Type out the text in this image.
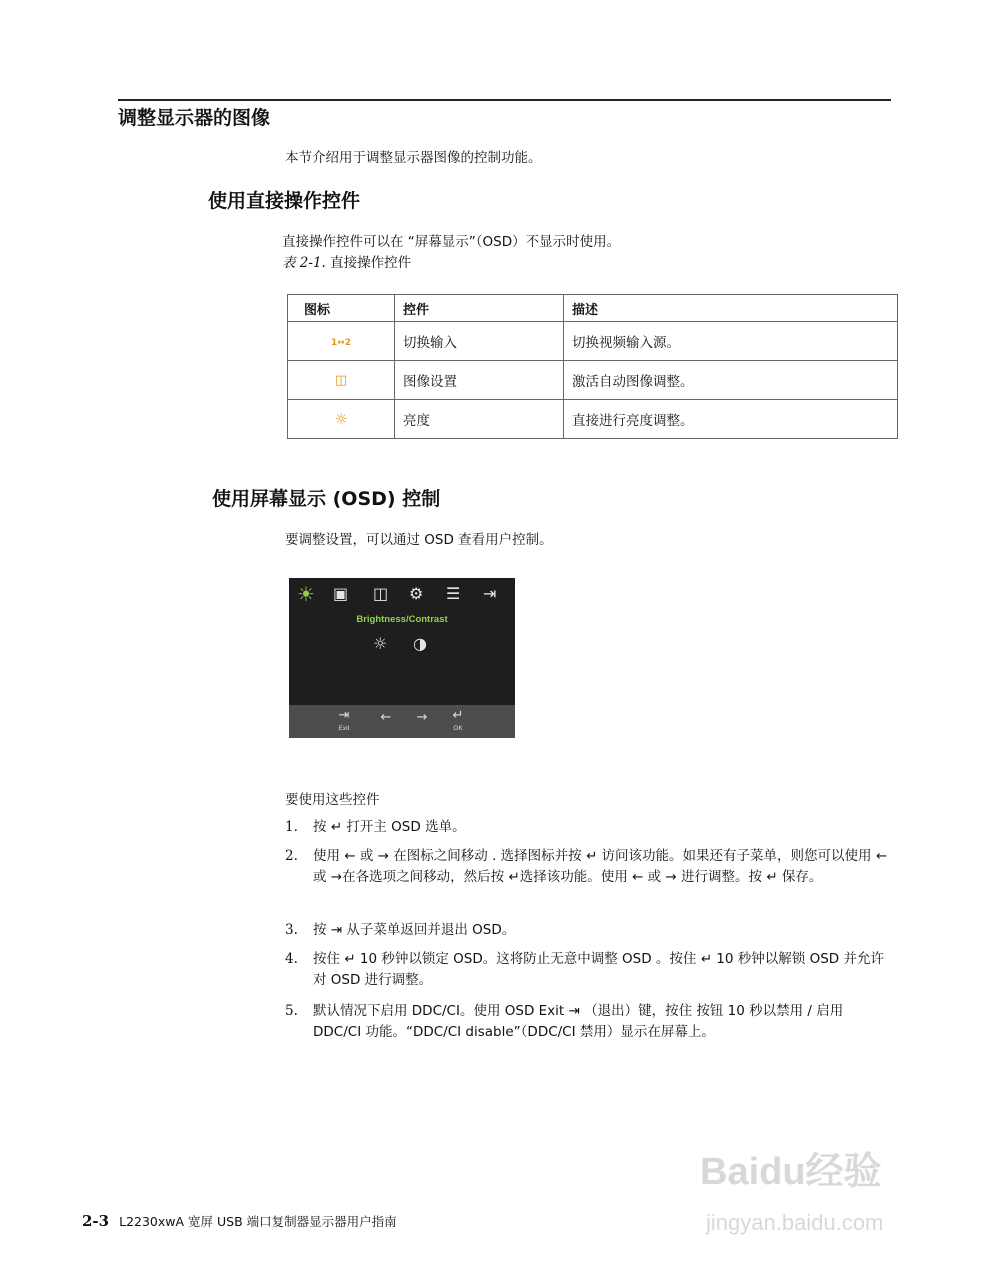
调整显示器的图像
本节介绍用于调整显示器图像的控制功能。
使用直接操作控件
直接操作控件可以在 “屏幕显示”（OSD）不显示时使用。
表 2-1. 直接操作控件
图标	控件	描述
1↔2	切换输入	切换视频输入源。
◫	图像设置	激活自动图像调整。
☼	亮度	直接进行亮度调整。
使用屏幕显示 (OSD) 控制
要调整设置，可以通过 OSD 查看用户控制。
☀ ▣ ◫ ⚙ ☰ ⇥
Brightness/Contrast
☼ ◑
⇥
Exit
←	→	↵
OK
要使用这些控件
1.	按 ↵ 打开主 OSD 选单。
2.	使用 ← 或 → 在图标之间移动 . 选择图标并按 ↵ 访问该功能。如果还有子菜单，则您可以使用 ←或 →在各选项之间移动，然后按 ↵选择该功能。使用 ← 或 → 进行调整。按 ↵ 保存。
3.	按 ⇥ 从子菜单返回并退出 OSD。
4.	按住 ↵ 10 秒钟以锁定 OSD。这将防止无意中调整 OSD 。按住 ↵ 10 秒钟以解锁 OSD 并允许对 OSD 进行调整。
5.	默认情况下启用 DDC/CI。使用 OSD Exit ⇥ （退出）键，按住 按钮 10 秒以禁用 / 启用 DDC/CI 功能。“DDC/CI disable”（DDC/CI 禁用）显示在屏幕上。
Baidu经验
jingyan.baidu.com
2-3 L2230xwA 宽屏 USB 端口复制器显示器用户指南
